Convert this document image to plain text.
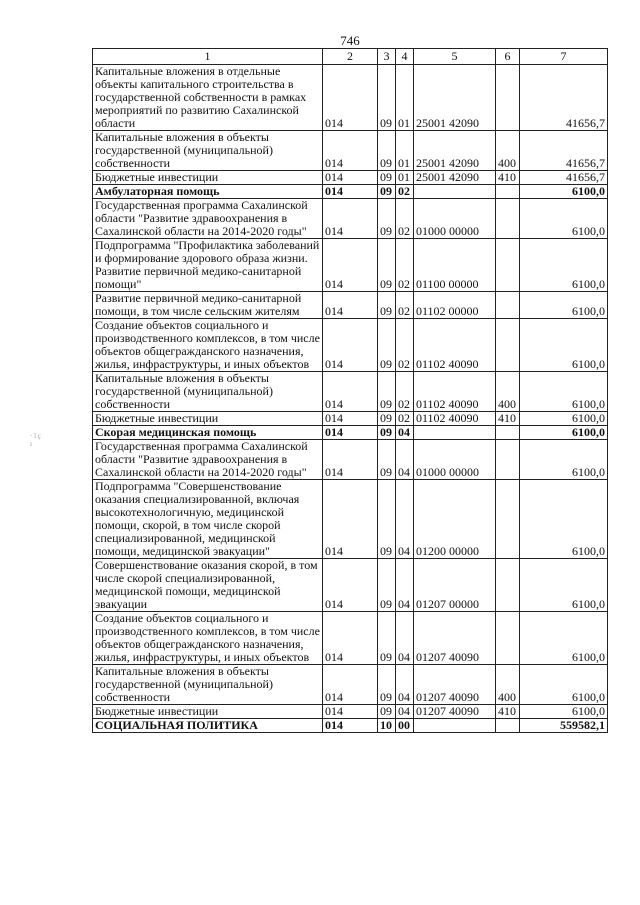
746
· ï ç ı
1	2	3	4	5	6	7
Капитальные вложения в отдельные объекты капитального строительства в государственной собственности в рамках мероприятий по развитию Сахалинской области	014	09	01	25001 42090		41656,7
Капитальные вложения в объекты государственной (муниципальной) собственности	014	09	01	25001 42090	400	41656,7
Бюджетные инвестиции	014	09	01	25001 42090	410	41656,7
Амбулаторная помощь	014	09	02			6100,0
Государственная программа Сахалинской области "Развитие здравоохранения в Сахалинской области на 2014-2020 годы"	014	09	02	01000 00000		6100,0
Подпрограмма "Профилактика заболеваний и формирование здорового образа жизни. Развитие первичной медико-санитарной помощи"	014	09	02	01100 00000		6100,0
Развитие первичной медико-санитарной помощи, в том числе сельским жителям	014	09	02	01102 00000		6100,0
Создание объектов социального и производственного комплексов, в том числе объектов общегражданского назначения, жилья, инфраструктуры, и иных объектов	014	09	02	01102 40090		6100,0
Капитальные вложения в объекты государственной (муниципальной) собственности	014	09	02	01102 40090	400	6100,0
Бюджетные инвестиции	014	09	02	01102 40090	410	6100,0
Скорая медицинская помощь	014	09	04			6100,0
Государственная программа Сахалинской области "Развитие здравоохранения в Сахалинской области на 2014-2020 годы"	014	09	04	01000 00000		6100,0
Подпрограмма "Совершенствование оказания специализированной, включая высокотехнологичную, медицинской помощи, скорой, в том числе скорой специализированной, медицинской помощи, медицинской эвакуации"	014	09	04	01200 00000		6100,0
Совершенствование оказания скорой, в том числе скорой специализированной, медицинской помощи, медицинской эвакуации	014	09	04	01207 00000		6100,0
Создание объектов социального и производственного комплексов, в том числе объектов общегражданского назначения, жилья, инфраструктуры, и иных объектов	014	09	04	01207 40090		6100,0
Капитальные вложения в объекты государственной (муниципальной) собственности	014	09	04	01207 40090	400	6100,0
Бюджетные инвестиции	014	09	04	01207 40090	410	6100,0
СОЦИАЛЬНАЯ ПОЛИТИКА	014	10	00			559582,1
